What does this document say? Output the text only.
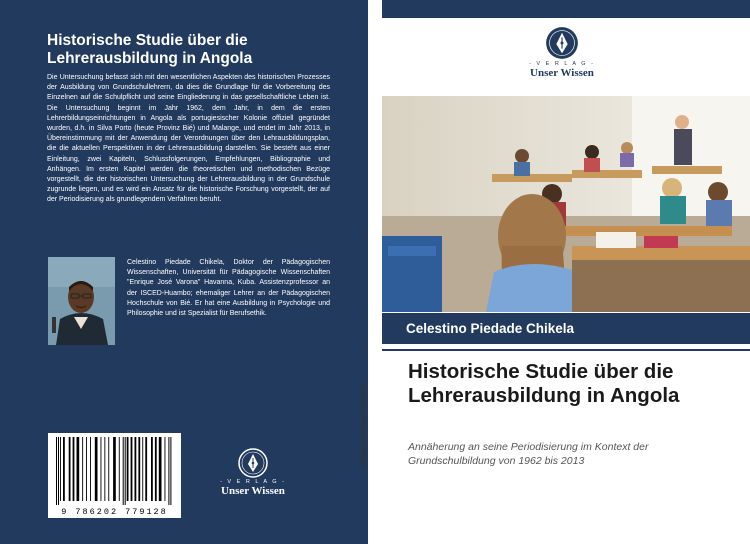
Historische Studie über die Lehrerausbildung in Angola

Die Untersuchung befasst sich mit den wesentlichen Aspekten des historischen Prozesses der Ausbildung von Grundschullehrern, da dies die Grundlage für die Vorbereitung des Einzelnen auf die Schulpflicht und seine Eingliederung in das gesellschaftliche Leben ist. Die Untersuchung beginnt im Jahr 1962, dem Jahr, in dem die ersten Lehrerbildungseinrichtungen in Angola als portugiesischer Kolonie offiziell gegründet wurden, d.h. in Silva Porto (heute Provinz Bié) und Malange, und endet im Jahr 2013, in Übereinstimmung mit der Anwendung der Verordnungen über den Lehrausbildungsplan, die die aktuellen Perspektiven in der Lehrerausbildung darstellen. Sie besteht aus einer Einleitung, zwei Kapiteln, Schlussfolgerungen, Empfehlungen, Bibliographie und Anhängen. Im ersten Kapitel werden die theoretischen und methodischen Bezüge vorgestellt, die der historischen Untersuchung der Lehrerausbildung in der Grundschule zugrunde liegen, und es wird ein Ansatz für die historische Forschung vorgestellt, der auf der Periodisierung als grundlegendem Verfahren beruht.

Celestino Piedade Chikela, Doktor der Pädagogischen Wissenschaften, Universität für Pädagogische Wissenschaften "Enrique José Varona" Havanna, Kuba. Assistenzprofessor an der ISCED-Huambo; ehemaliger Lehrer an der Pädagogischen Hochschule von Bié. Er hat eine Ausbildung in Psychologie und Philosophie und ist Spezialist für Berufsethik.

9 786202 779128
- V E R L A G -
Unser Wissen
Celestino Piedade Chikela
- V E R L A G -
Unser Wissen
Celestino Piedade Chikela
Historische Studie über die Lehrerausbildung in Angola

Annäherung an seine Periodisierung im Kontext der Grundschulbildung von 1962 bis 2013
